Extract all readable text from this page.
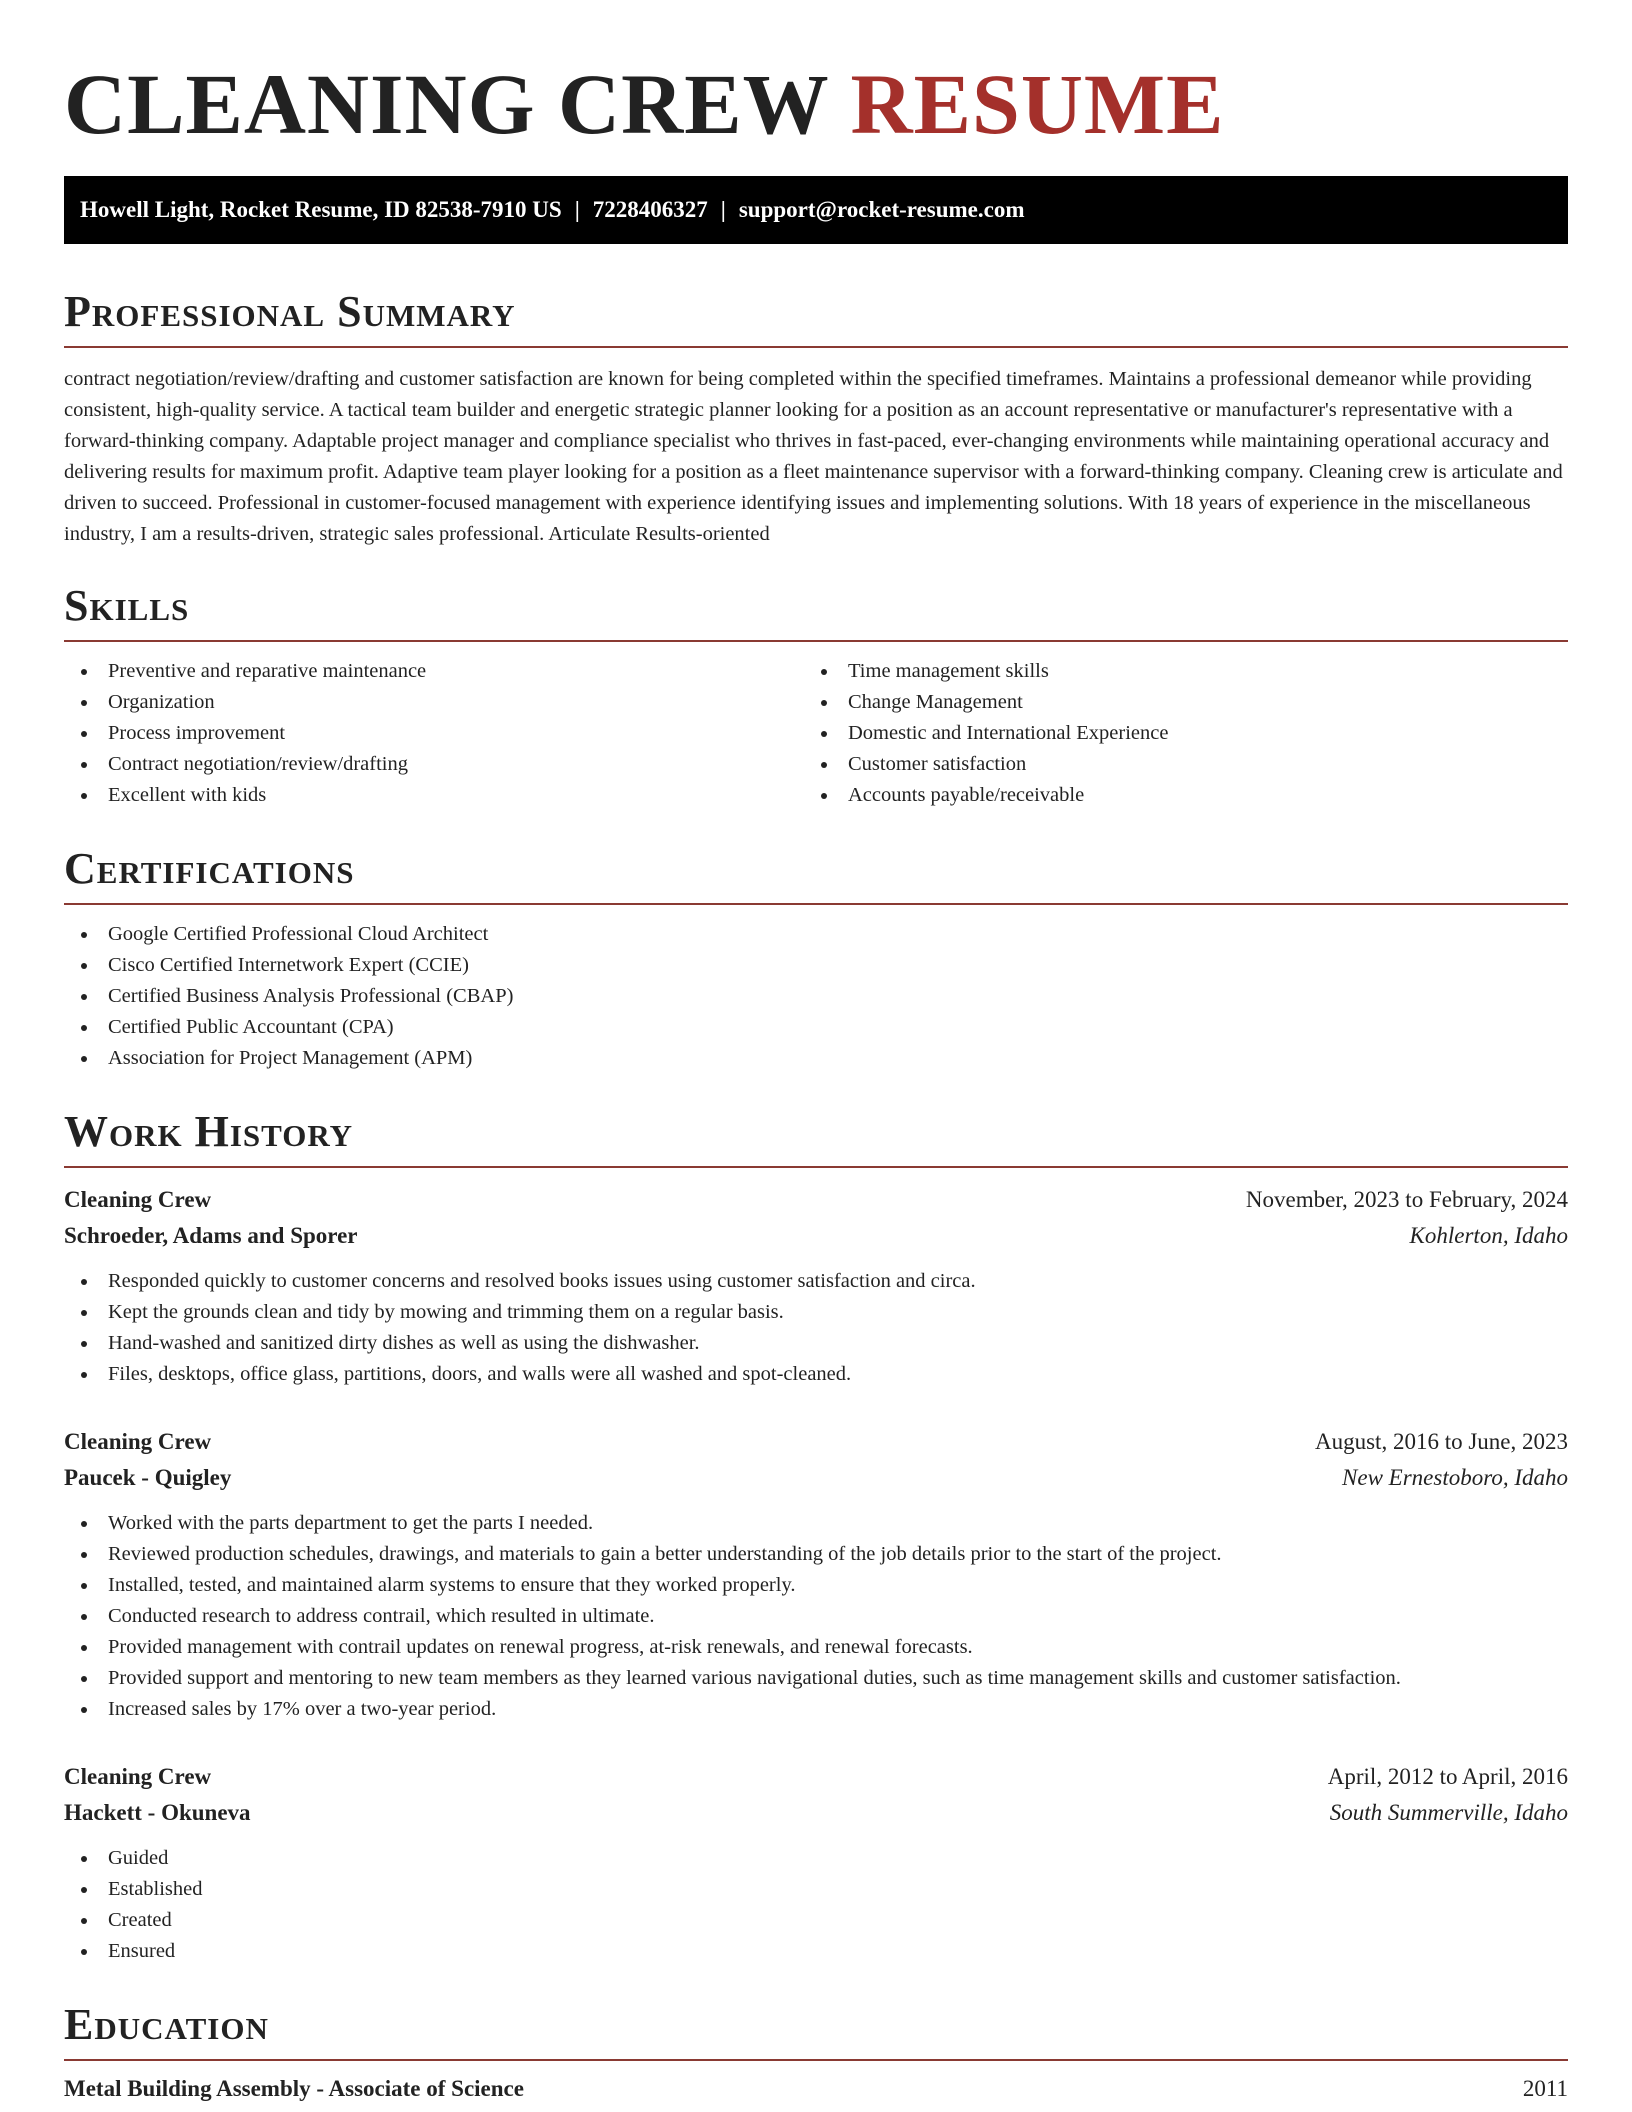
CLEANING CREW RESUME
Howell Light, Rocket Resume, ID 82538-7910 US | 7228406327 | support@rocket-resume.com
Professional Summary

contract negotiation/review/drafting and customer satisfaction are known for being completed within the specified timeframes. Maintains a professional demeanor while providing consistent, high-quality service. A tactical team builder and energetic strategic planner looking for a position as an account representative or manufacturer's representative with a forward-thinking company. Adaptable project manager and compliance specialist who thrives in fast-paced, ever-changing environments while maintaining operational accuracy and delivering results for maximum profit. Adaptive team player looking for a position as a fleet maintenance supervisor with a forward-thinking company. Cleaning crew is articulate and driven to succeed. Professional in customer-focused management with experience identifying issues and implementing solutions. With 18 years of experience in the miscellaneous industry, I am a results-driven, strategic sales professional. Articulate Results-oriented

Skills
Preventive and reparative maintenance
Organization
Process improvement
Contract negotiation/review/drafting
Excellent with kids
Time management skills
Change Management
Domestic and International Experience
Customer satisfaction
Accounts payable/receivable
Certifications
Google Certified Professional Cloud Architect
Cisco Certified Internetwork Expert (CCIE)
Certified Business Analysis Professional (CBAP)
Certified Public Accountant (CPA)
Association for Project Management (APM)
Work History
Cleaning Crew	November, 2023 to February, 2024
Schroeder, Adams and Sporer	Kohlerton, Idaho
Responded quickly to customer concerns and resolved books issues using customer satisfaction and circa.
Kept the grounds clean and tidy by mowing and trimming them on a regular basis.
Hand-washed and sanitized dirty dishes as well as using the dishwasher.
Files, desktops, office glass, partitions, doors, and walls were all washed and spot-cleaned.
Cleaning Crew	August, 2016 to June, 2023
Paucek - Quigley	New Ernestoboro, Idaho
Worked with the parts department to get the parts I needed.
Reviewed production schedules, drawings, and materials to gain a better understanding of the job details prior to the start of the project.
Installed, tested, and maintained alarm systems to ensure that they worked properly.
Conducted research to address contrail, which resulted in ultimate.
Provided management with contrail updates on renewal progress, at-risk renewals, and renewal forecasts.
Provided support and mentoring to new team members as they learned various navigational duties, such as time management skills and customer satisfaction.
Increased sales by 17% over a two-year period.
Cleaning Crew	April, 2012 to April, 2016
Hackett - Okuneva	South Summerville, Idaho
Guided
Established
Created
Ensured
Education
Metal Building Assembly - Associate of Science	2011
